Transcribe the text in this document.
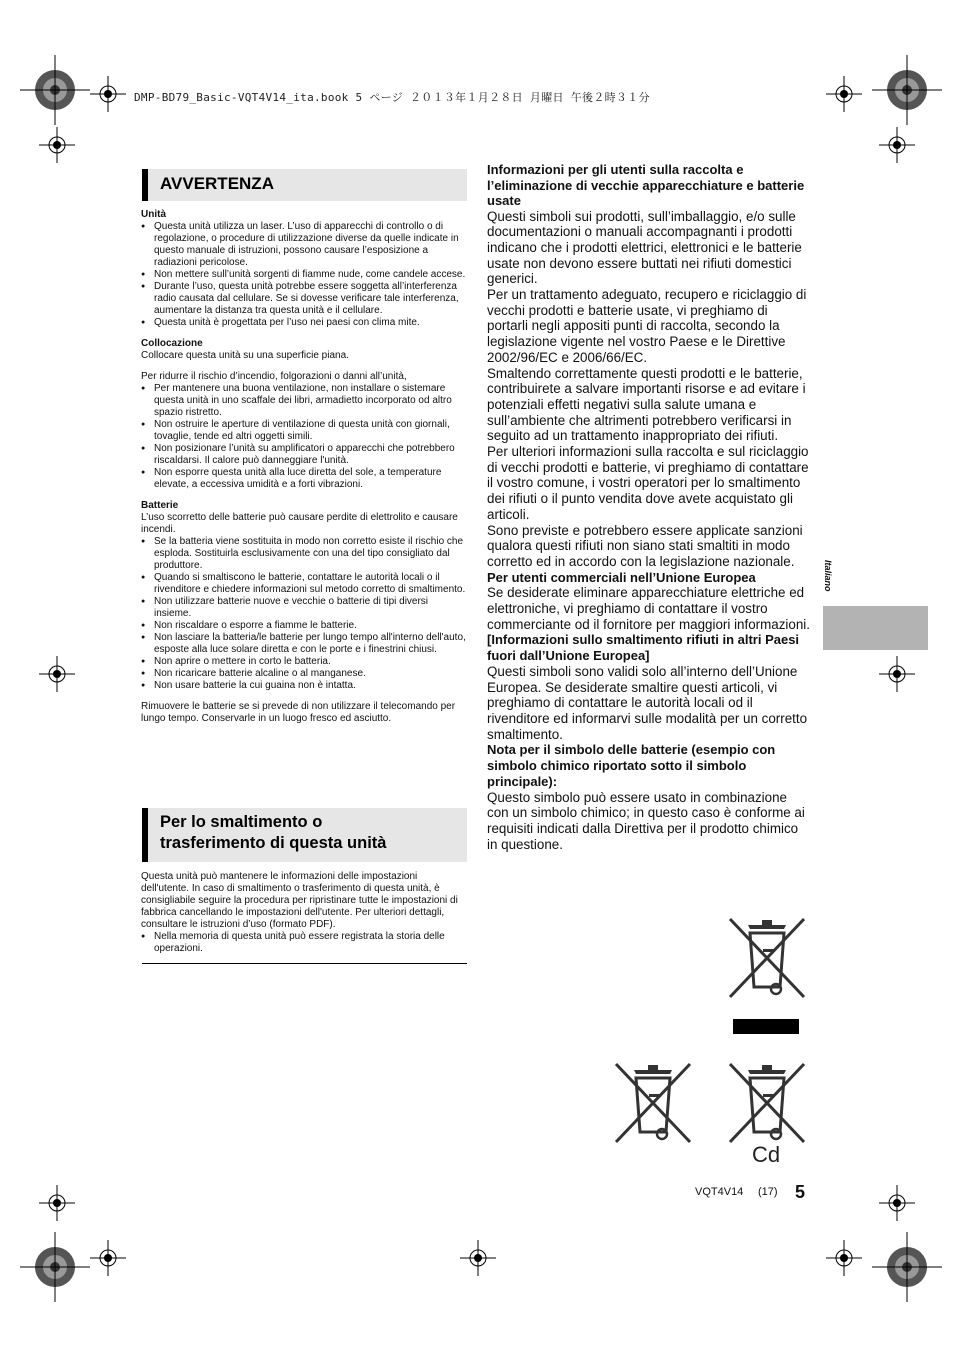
DMP-BD79_Basic-VQT4V14_ita.book 5 ページ ２０１３年１月２８日 月曜日 午後２時３１分
AVVERTENZA

Unità

● Questa unità utilizza un laser. L’uso di apparecchi di controllo o di regolazione, o procedure di utilizzazione diverse da quelle indicate in questo manuale di istruzioni, possono causare l’esposizione a radiazioni pericolose.
● Non mettere sull’unità sorgenti di fiamme nude, come candele accese.
● Durante l’uso, questa unità potrebbe essere soggetta all’interferenza radio causata dal cellulare. Se si dovesse verificare tale interferenza, aumentare la distanza tra questa unità e il cellulare.
● Questa unità è progettata per l’uso nei paesi con clima mite.

Collocazione

Collocare questa unità su una superficie piana.

Per ridurre il rischio d’incendio, folgorazioni o danni all’unità,

● Per mantenere una buona ventilazione, non installare o sistemare questa unità in uno scaffale dei libri, armadietto incorporato od altro spazio ristretto.
● Non ostruire le aperture di ventilazione di questa unità con giornali, tovaglie, tende ed altri oggetti simili.
● Non posizionare l’unità su amplificatori o apparecchi che potrebbero riscaldarsi. Il calore può danneggiare l'unità.
● Non esporre questa unità alla luce diretta del sole, a temperature elevate, a eccessiva umidità e a forti vibrazioni.

Batterie

L’uso scorretto delle batterie può causare perdite di elettrolito e causare incendi.

● Se la batteria viene sostituita in modo non corretto esiste il rischio che esploda. Sostituirla esclusivamente con una del tipo consigliato dal produttore.
● Quando si smaltiscono le batterie, contattare le autorità locali o il rivenditore e chiedere informazioni sul metodo corretto di smaltimento.
● Non utilizzare batterie nuove e vecchie o batterie di tipi diversi insieme.
● Non riscaldare o esporre a fiamme le batterie.
● Non lasciare la batteria/le batterie per lungo tempo all'interno dell'auto, esposte alla luce solare diretta e con le porte e i finestrini chiusi.
● Non aprire o mettere in corto le batteria.
● Non ricaricare batterie alcaline o al manganese.
● Non usare batterie la cui guaina non è intatta.

Rimuovere le batterie se si prevede di non utilizzare il telecomando per lungo tempo. Conservarle in un luogo fresco ed asciutto.

Per lo smaltimento o
trasferimento di questa unità

Questa unità può mantenere le informazioni delle impostazioni dell'utente. In caso di smaltimento o trasferimento di questa unità, è consigliabile seguire la procedura per ripristinare tutte le impostazioni di fabbrica cancellando le impostazioni dell'utente. Per ulteriori dettagli, consultare le istruzioni d’uso (formato PDF).

● Nella memoria di questa unità può essere registrata la storia delle operazioni.

Informazioni per gli utenti sulla raccolta e l’eliminazione di vecchie apparecchiature e batterie usate

Questi simboli sui prodotti, sull’imballaggio, e/o sulle documentazioni o manuali accompagnanti i prodotti indicano che i prodotti elettrici, elettronici e le batterie usate non devono essere buttati nei rifiuti domestici generici.

Per un trattamento adeguato, recupero e riciclaggio di vecchi prodotti e batterie usate, vi preghiamo di portarli negli appositi punti di raccolta, secondo la legislazione vigente nel vostro Paese e le Direttive 2002/96/EC e 2006/66/EC.

Smaltendo correttamente questi prodotti e le batterie, contribuirete a salvare importanti risorse e ad evitare i potenziali effetti negativi sulla salute umana e sull’ambiente che altrimenti potrebbero verificarsi in seguito ad un trattamento inappropriato dei rifiuti.

Per ulteriori informazioni sulla raccolta e sul riciclaggio di vecchi prodotti e batterie, vi preghiamo di contattare il vostro comune, i vostri operatori per lo smaltimento dei rifiuti o il punto vendita dove avete acquistato gli articoli.

Sono previste e potrebbero essere applicate sanzioni qualora questi rifiuti non siano stati smaltiti in modo corretto ed in accordo con la legislazione nazionale.

Per utenti commerciali nell’Unione Europea

Se desiderate eliminare apparecchiature elettriche ed elettroniche, vi preghiamo di contattare il vostro commerciante od il fornitore per maggiori informazioni.

[Informazioni sullo smaltimento rifiuti in altri Paesi fuori dall’Unione Europea]

Questi simboli sono validi solo all’interno dell’Unione Europea. Se desiderate smaltire questi articoli, vi preghiamo di contattare le autorità locali od il rivenditore ed informarvi sulle modalità per un corretto smaltimento.

Nota per il simbolo delle batterie (esempio con simbolo chimico riportato sotto il simbolo principale):

Questo simbolo può essere usato in combinazione con un simbolo chimico; in questo caso è conforme ai requisiti indicati dalla Direttiva per il prodotto chimico in questione.

Italiano
Cd
VQT4V14 (17) 5
